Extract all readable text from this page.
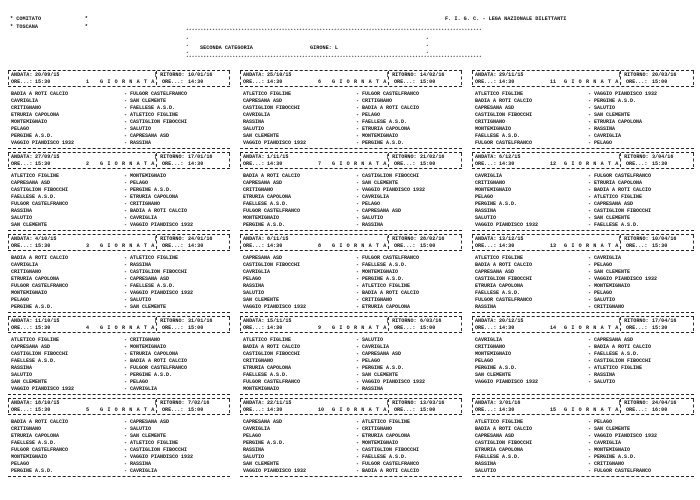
* COMITATO              *
* TOSCANA               *
F. I. G. C. - LEGA NAZIONALE DILETTANTI
******************************************************************************************************
*	*
SECONDA CATEGORIA	GIRONE: L
*	*
*	*
******************************************************************************************************
ANDATA: 20/09/15	| RITORNO: 10/01/16
ORE...: 15:30	1 G I O R N A T A ORE...: 14:30
BADIA A ROTI CALCIO	- FULGOR CASTELFRANCO
CAVRIGLIA	- SAN CLEMENTE
CRITIGNANO	- FAELLESE A.S.D.
ETRURIA CAPOLONA	- ATLETICO FIGLINE
MONTEMIGNAIO	- CASTIGLION FIBOCCHI
PELAGO	- SALUTIO
PERGINE A.S.D.	- CAPRESANA ASD
VAGGIO PIANDISCO 1932	- RASSINA
ANDATA: 27/09/15	| RITORNO: 17/01/16
ORE...: 15:30	2 G I O R N A T A ORE...: 14:30
ATLETICO FIGLINE	- MONTEMIGNAIO
CAPRESANA ASD	- PELAGO
CASTIGLION FIBOCCHI	- PERGINE A.S.D.
FAELLESE A.S.D.	- ETRURIA CAPOLONA
FULGOR CASTELFRANCO	- CRITIGNANO
RASSINA	- BADIA A ROTI CALCIO
SALUTIO	- CAVRIGLIA
SAN CLEMENTE	- VAGGIO PIANDISCO 1932
ANDATA: 4/10/15	| RITORNO: 24/01/16
ORE...: 15:30	3 G I O R N A T A ORE...: 14:30
BADIA A ROTI CALCIO	- ATLETICO FIGLINE
CAVRIGLIA	- RASSINA
CRITIGNANO	- CASTIGLION FIBOCCHI
ETRURIA CAPOLONA	- CAPRESANA ASD
FULGOR CASTELFRANCO	- FAELLESE A.S.D.
MONTEMIGNAIO	- VAGGIO PIANDISCO 1932
PELAGO	- SALUTIO
PERGINE A.S.D.	- SAN CLEMENTE
ANDATA: 11/10/15	| RITORNO: 31/01/16
ORE...: 15:30	4 G I O R N A T A ORE...: 15:00
ATLETICO FIGLINE	- CRITIGNANO
CAPRESANA ASD	- MONTEMIGNAIO
CASTIGLION FIBOCCHI	- ETRURIA CAPOLONA
FAELLESE A.S.D.	- BADIA A ROTI CALCIO
RASSINA	- FULGOR CASTELFRANCO
SALUTIO	- PERGINE A.S.D.
SAN CLEMENTE	- PELAGO
VAGGIO PIANDISCO 1932	- CAVRIGLIA
ANDATA: 18/10/15	| RITORNO: 7/02/16
ORE...: 15:30	5 G I O R N A T A ORE...: 15:00
BADIA A ROTI CALCIO	- CAPRESANA ASD
CRITIGNANO	- SALUTIO
ETRURIA CAPOLONA	- SAN CLEMENTE
FAELLESE A.S.D.	- ATLETICO FIGLINE
FULGOR CASTELFRANCO	- CASTIGLION FIBOCCHI
MONTEMIGNAIO	- VAGGIO PIANDISCO 1932
PELAGO	- RASSINA
PERGINE A.S.D.	- CAVRIGLIA
ANDATA: 25/10/15	| RITORNO: 14/02/16
ORE...: 14:30	6 G I O R N A T A ORE...: 15:00
ATLETICO FIGLINE	- FULGOR CASTELFRANCO
CAPRESANA ASD	- CRITIGNANO
CASTIGLION FIBOCCHI	- BADIA A ROTI CALCIO
CAVRIGLIA	- PELAGO
RASSINA	- FAELLESE A.S.D.
SALUTIO	- ETRURIA CAPOLONA
SAN CLEMENTE	- MONTEMIGNAIO
VAGGIO PIANDISCO 1932	- PERGINE A.S.D.
ANDATA: 1/11/15	| RITORNO: 21/02/16
ORE...: 14:30	7 G I O R N A T A ORE...: 15:00
BADIA A ROTI CALCIO	- CASTIGLION FIBOCCHI
CAPRESANA ASD	- SAN CLEMENTE
CRITIGNANO	- VAGGIO PIANDISCO 1932
ETRURIA CAPOLONA	- CAVRIGLIA
FAELLESE A.S.D.	- PELAGO
FULGOR CASTELFRANCO	- CAPRESANA ASD
MONTEMIGNAIO	- SALUTIO
PERGINE A.S.D.	- RASSINA
ANDATA: 8/11/15	| RITORNO: 28/02/16
ORE...: 14:30	8 G I O R N A T A ORE...: 15:00
CAPRESANA ASD	- FULGOR CASTELFRANCO
CASTIGLION FIBOCCHI	- FAELLESE A.S.D.
CAVRIGLIA	- MONTEMIGNAIO
PELAGO	- PERGINE A.S.D.
RASSINA	- ATLETICO FIGLINE
SALUTIO	- BADIA A ROTI CALCIO
SAN CLEMENTE	- CRITIGNANO
VAGGIO PIANDISCO 1932	- ETRURIA CAPOLONA
ANDATA: 15/11/15	| RITORNO: 6/03/16
ORE...: 14:30	9 G I O R N A T A ORE...: 15:00
ATLETICO FIGLINE	- SALUTIO
BADIA A ROTI CALCIO	- CAVRIGLIA
CASTIGLION FIBOCCHI	- CAPRESANA ASD
CRITIGNANO	- PELAGO
ETRURIA CAPOLONA	- PERGINE A.S.D.
FAELLESE A.S.D.	- SAN CLEMENTE
FULGOR CASTELFRANCO	- VAGGIO PIANDISCO 1932
MONTEMIGNAIO	- RASSINA
ANDATA: 22/11/15	| RITORNO: 13/03/16
ORE...: 14:30	10 G I O R N A T A ORE...: 15:00
CAPRESANA ASD	- ATLETICO FIGLINE
CAVRIGLIA	- CRITIGNANO
PELAGO	- ETRURIA CAPOLONA
PERGINE A.S.D.	- MONTEMIGNAIO
RASSINA	- CASTIGLION FIBOCCHI
SALUTIO	- FAELLESE A.S.D.
SAN CLEMENTE	- FULGOR CASTELFRANCO
VAGGIO PIANDISCO 1932	- BADIA A ROTI CALCIO
ANDATA: 29/11/15	| RITORNO: 20/03/16
ORE...: 14:30	11 G I O R N A T A ORE...: 15:00
ATLETICO FIGLINE	- VAGGIO PIANDISCO 1932
BADIA A ROTI CALCIO	- PERGINE A.S.D.
CAPRESANA ASD	- SALUTIO
CASTIGLION FIBOCCHI	- SAN CLEMENTE
CRITIGNANO	- ETRURIA CAPOLONA
MONTEMIGNAIO	- RASSINA
FAELLESE A.S.D.	- CAVRIGLIA
FULGOR CASTELFRANCO	- PELAGO
ANDATA: 6/12/15	| RITORNO: 3/04/16
ORE...: 14:30	12 G I O R N A T A ORE...: 15:30
CAVRIGLIA	- FULGOR CASTELFRANCO
CRITIGNANO	- ETRURIA CAPOLONA
MONTEMIGNAIO	- BADIA A ROTI CALCIO
PELAGO	- ATLETICO FIGLINE
PERGINE A.S.D.	- CAPRESANA ASD
RASSINA	- CASTIGLION FIBOCCHI
SALUTIO	- SAN CLEMENTE
VAGGIO PIANDISCO 1932	- FAELLESE A.S.D.
ANDATA: 13/12/15	| RITORNO: 10/04/16
ORE...: 14:30	13 G I O R N A T A ORE...: 15:30
ATLETICO FIGLINE	- CAVRIGLIA
BADIA A ROTI CALCIO	- PELAGO
CAPRESANA ASD	- SAN CLEMENTE
CASTIGLION FIBOCCHI	- VAGGIO PIANDISCO 1932
ETRURIA CAPOLONA	- MONTEMIGNAIO
FAELLESE A.S.D.	- PELAGO
FULGOR CASTELFRANCO	- SALUTIO
RASSINA	- CRITIGNANO
ANDATA: 20/12/15	| RITORNO: 17/04/16
ORE...: 14:30	14 G I O R N A T A ORE...: 15:30
CAVRIGLIA	- CAPRESANA ASD
CRITIGNANO	- BADIA A ROTI CALCIO
MONTEMIGNAIO	- FAELLESE A.S.D.
PELAGO	- CASTIGLION FIBOCCHI
PERGINE A.S.D.	- ATLETICO FIGLINE
SAN CLEMENTE	- RASSINA
VAGGIO PIANDISCO 1932	- SALUTIO
ANDATA: 3/01/16	| RITORNO: 24/04/16
ORE...: 14:30	15 G I O R N A T A ORE...: 16:00
ATLETICO FIGLINE	- PELAGO
BADIA A ROTI CALCIO	- SAN CLEMENTE
CAPRESANA ASD	- VAGGIO PIANDISCO 1932
CASTIGLION FIBOCCHI	- CAVRIGLIA
ETRURIA CAPOLONA	- MONTEMIGNAIO
FAELLESE A.S.D.	- PERGINE A.S.D.
RASSINA	- CRITIGNANO
SALUTIO	- FULGOR CASTELFRANCO
